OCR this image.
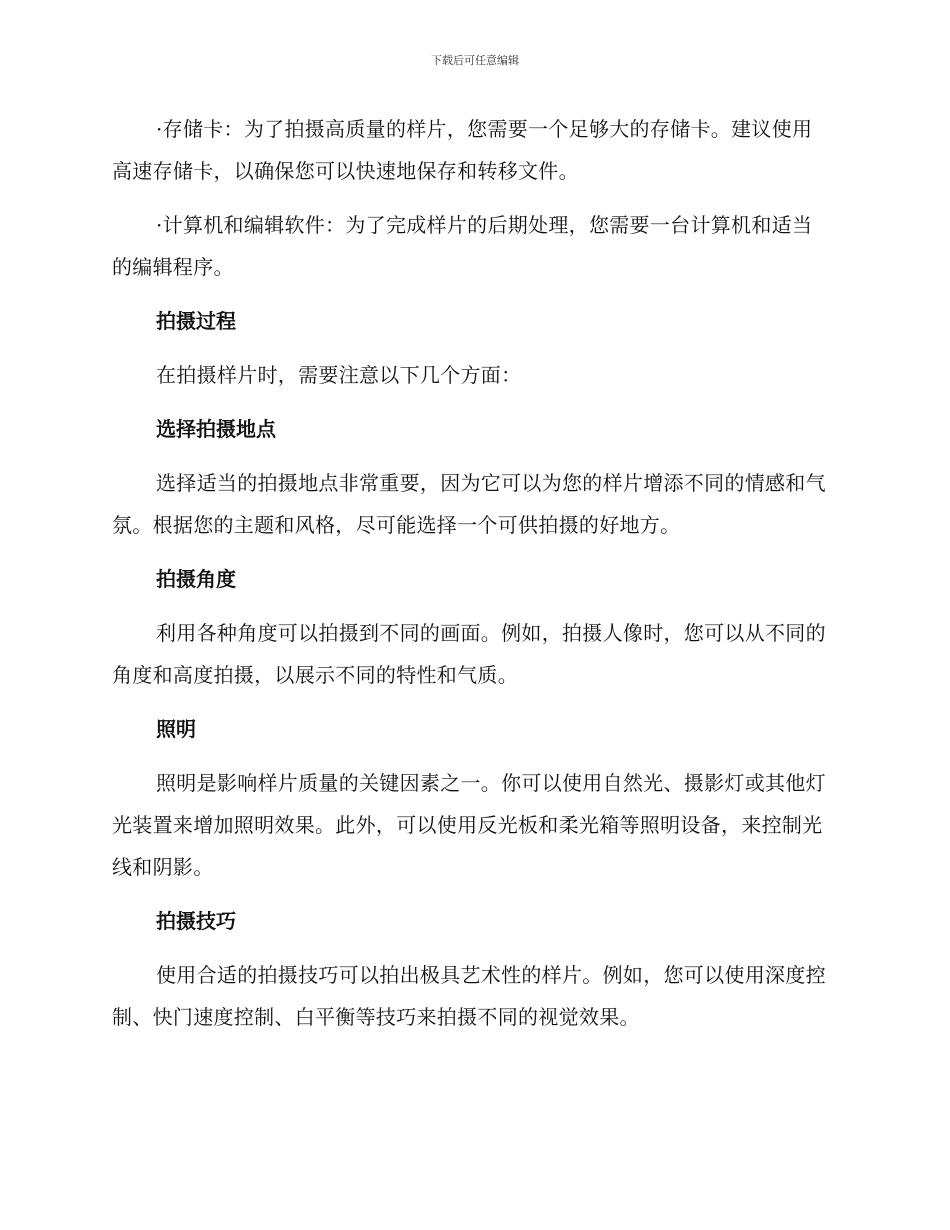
下载后可任意编辑

·存储卡：为了拍摄高质量的样片，您需要一个足够大的存储卡。建议使用高速存储卡，以确保您可以快速地保存和转移文件。

·计算机和编辑软件：为了完成样片的后期处理，您需要一台计算机和适当的编辑程序。

拍摄过程

在拍摄样片时，需要注意以下几个方面：

选择拍摄地点

选择适当的拍摄地点非常重要，因为它可以为您的样片增添不同的情感和气氛。根据您的主题和风格，尽可能选择一个可供拍摄的好地方。

拍摄角度

利用各种角度可以拍摄到不同的画面。例如，拍摄人像时，您可以从不同的角度和高度拍摄，以展示不同的特性和气质。

照明

照明是影响样片质量的关键因素之一。你可以使用自然光、摄影灯或其他灯光装置来增加照明效果。此外，可以使用反光板和柔光箱等照明设备，来控制光线和阴影。

拍摄技巧

使用合适的拍摄技巧可以拍出极具艺术性的样片。例如，您可以使用深度控制、快门速度控制、白平衡等技巧来拍摄不同的视觉效果。
